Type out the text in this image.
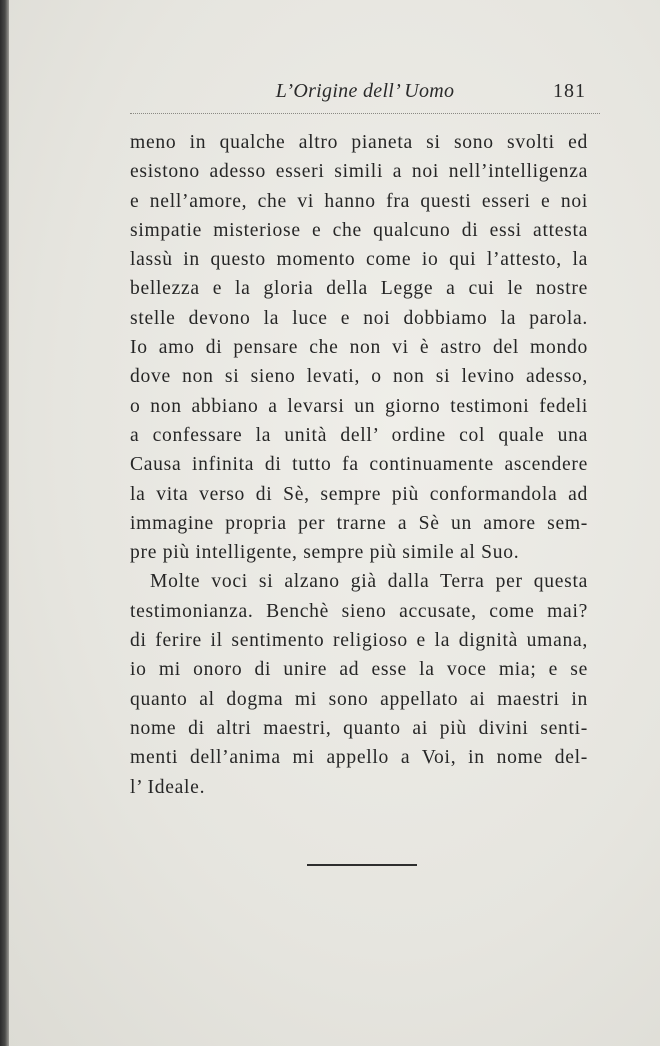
L’Origine dell’ Uomo	181
meno in qualche altro pianeta si sono svolti ed
esistono adesso esseri simili a noi nell’intelligenza
e nell’amore, che vi hanno fra questi esseri e noi
simpatie misteriose e che qualcuno di essi attesta
lassù in questo momento come io qui l’attesto, la
bellezza e la gloria della Legge a cui le nostre
stelle devono la luce e noi dobbiamo la parola.
Io amo di pensare che non vi è astro del mondo
dove non si sieno levati, o non si levino adesso,
o non abbiano a levarsi un giorno testimoni fedeli
a confessare la unità dell’ ordine col quale una
Causa infinita di tutto fa continuamente ascendere
la vita verso di Sè, sempre più conformandola ad
immagine propria per trarne a Sè un amore sem-
pre più intelligente, sempre più simile al Suo.
Molte voci si alzano già dalla Terra per questa
testimonianza. Benchè sieno accusate, come mai?
di ferire il sentimento religioso e la dignità umana,
io mi onoro di unire ad esse la voce mia; e se
quanto al dogma mi sono appellato ai maestri in
nome di altri maestri, quanto ai più divini senti-
menti dell’anima mi appello a Voi, in nome del-
l’ Ideale.
